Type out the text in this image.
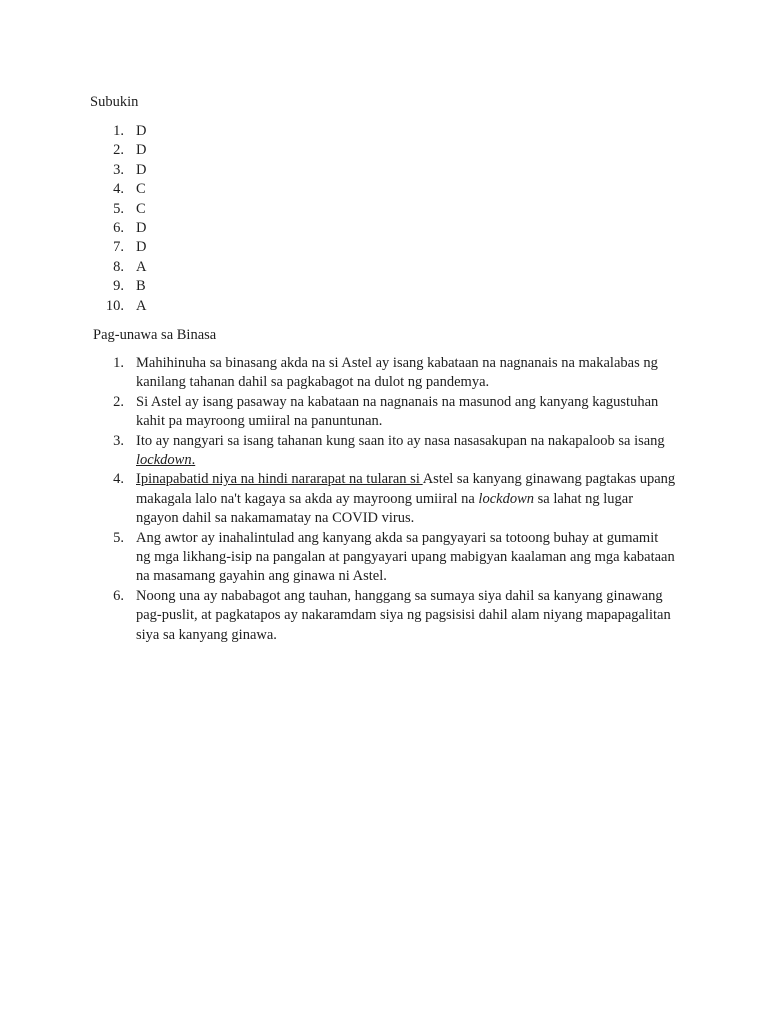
Subukin
1. D
2. D
3. D
4. C
5. C
6. D
7. D
8. A
9. B
10. A
Pag-unawa sa Binasa
1. Mahihinuha sa binasang akda na si Astel ay isang kabataan na nagnanais na makalabas ng kanilang tahanan dahil sa pagkabagot na dulot ng pandemya.
2. Si Astel ay isang pasaway na kabataan na nagnanais na masunod ang kanyang kagustuhan kahit pa mayroong umiiral na panuntunan.
3. Ito ay nangyari sa isang tahanan kung saan ito ay nasa nasasakupan na nakapaloob sa isang lockdown.
4. Ipinapabatid niya na hindi nararapat na tularan si Astel sa kanyang ginawang pagtakas upang makagala lalo na't kagaya sa akda ay mayroong umiiral na lockdown sa lahat ng lugar ngayon dahil sa nakamamatay na COVID virus.
5. Ang awtor ay inahalintulad ang kanyang akda sa pangyayari sa totoong buhay at gumamit ng mga likhang-isip na pangalan at pangyayari upang mabigyan kaalaman ang mga kabataan na masamang gayahin ang ginawa ni Astel.
6. Noong una ay nababagot ang tauhan, hanggang sa sumaya siya dahil sa kanyang ginawang pag-puslit, at pagkatapos ay nakaramdam siya ng pagsisisi dahil alam niyang mapapagalitan siya sa kanyang ginawa.
